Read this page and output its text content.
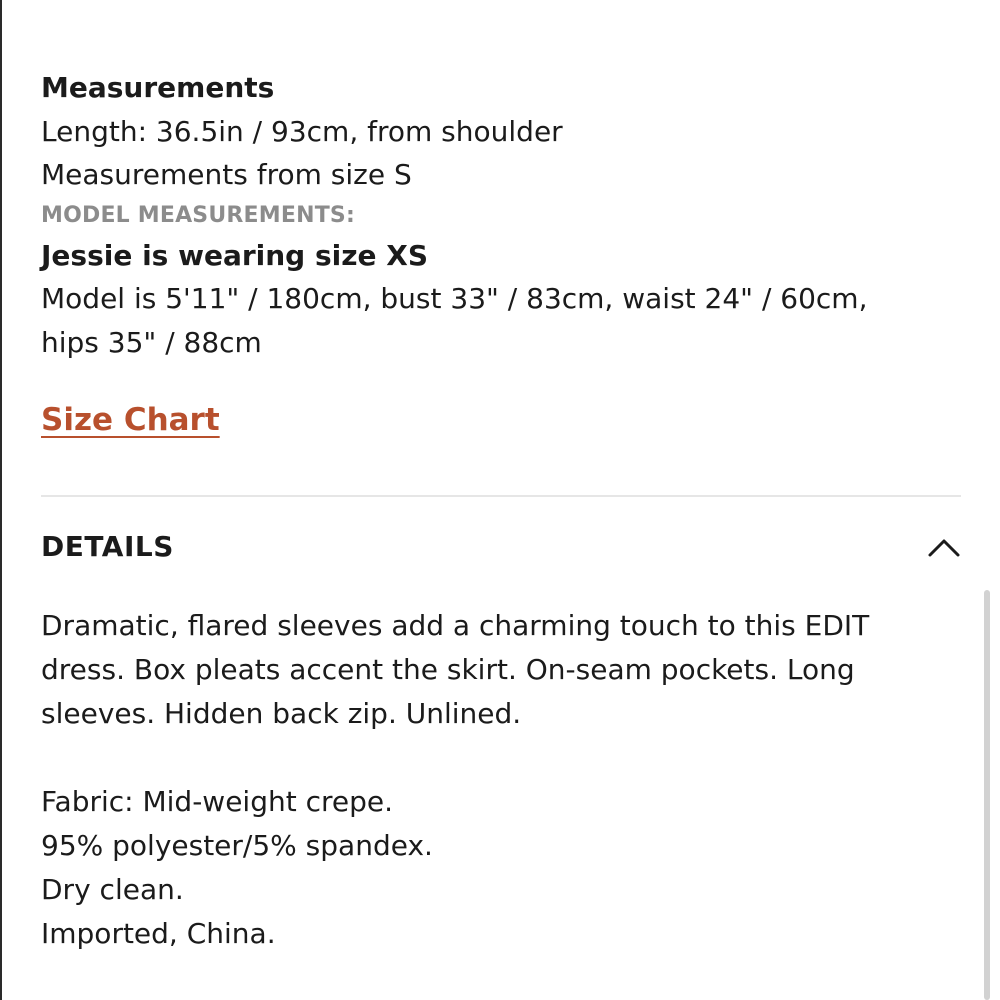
Measurements
Length: 36.5in / 93cm, from shoulder
Measurements from size S
MODEL MEASUREMENTS:
Jessie is wearing size XS
Model is 5'11" / 180cm, bust 33" / 83cm, waist 24" / 60cm,
hips 35" / 88cm
Size Chart
DETAILS
Dramatic, flared sleeves add a charming touch to this EDIT
dress. Box pleats accent the skirt. On-seam pockets. Long
sleeves. Hidden back zip. Unlined.
Fabric: Mid-weight crepe.
95% polyester/5% spandex.
Dry clean.
Imported, China.
